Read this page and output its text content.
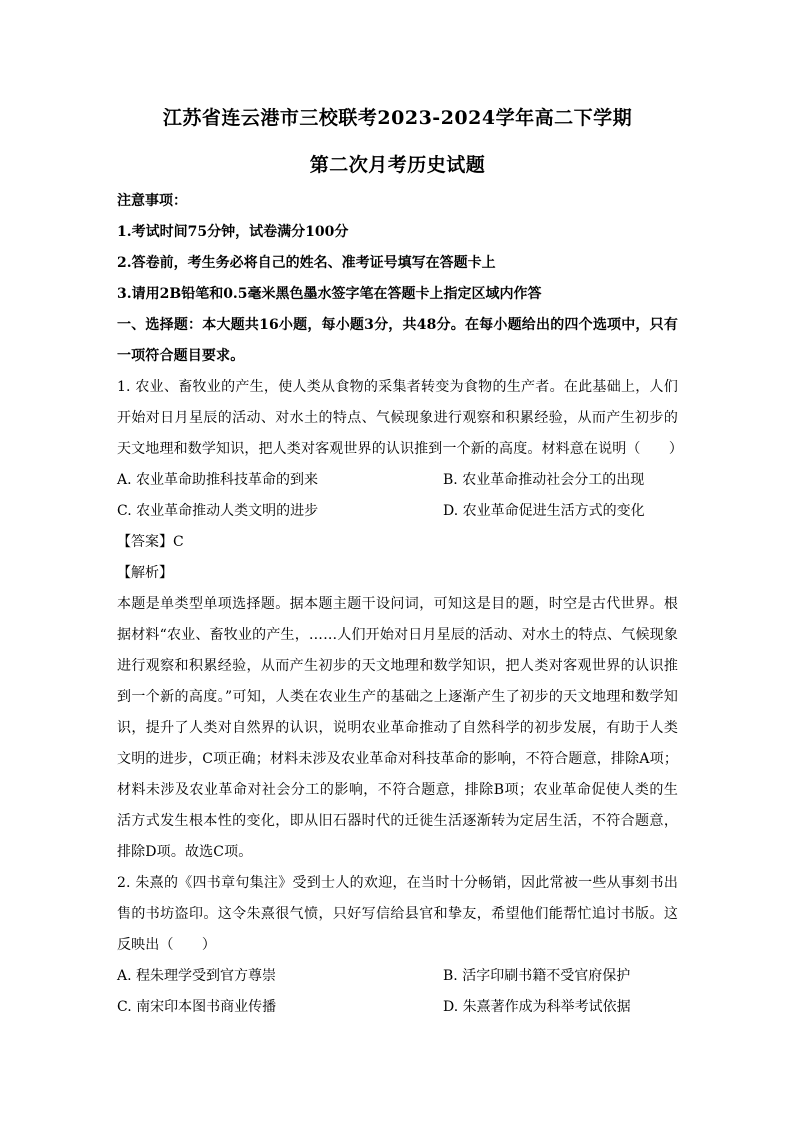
江苏省连云港市三校联考2023-2024学年高二下学期
第二次月考历史试题
注意事项：
1.考试时间75分钟，试卷满分100分
2.答卷前，考生务必将自己的姓名、准考证号填写在答题卡上
3.请用2B铅笔和0.5毫米黑色墨水签字笔在答题卡上指定区域内作答
一、选择题：本大题共16小题，每小题3分，共48分。在每小题给出的四个选项中，只有一项符合题目要求。
1. 农业、畜牧业的产生，使人类从食物的采集者转变为食物的生产者。在此基础上，人们开始对日月星辰的活动、对水土的特点、气候现象进行观察和积累经验，从而产生初步的天文地理和数学知识，把人类对客观世界的认识推到一个新的高度。材料意在说明（　　）
A. 农业革命助推科技革命的到来	B. 农业革命推动社会分工的出现
C. 农业革命推动人类文明的进步	D. 农业革命促进生活方式的变化
【答案】C
【解析】
本题是单类型单项选择题。据本题主题干设问词，可知这是目的题，时空是古代世界。根据材料“农业、畜牧业的产生，……人们开始对日月星辰的活动、对水土的特点、气候现象进行观察和积累经验，从而产生初步的天文地理和数学知识，把人类对客观世界的认识推到一个新的高度。”可知，人类在农业生产的基础之上逐渐产生了初步的天文地理和数学知识，提升了人类对自然界的认识，说明农业革命推动了自然科学的初步发展，有助于人类文明的进步，C项正确；材料未涉及农业革命对科技革命的影响，不符合题意，排除A项；材料未涉及农业革命对社会分工的影响，不符合题意，排除B项；农业革命促使人类的生活方式发生根本性的变化，即从旧石器时代的迁徙生活逐渐转为定居生活，不符合题意，排除D项。故选C项。
2. 朱熹的《四书章句集注》受到士人的欢迎，在当时十分畅销，因此常被一些从事刻书出售的书坊盗印。这令朱熹很气愤，只好写信给县官和挚友，希望他们能帮忙追讨书版。这反映出（　　）
A. 程朱理学受到官方尊崇	B. 活字印刷书籍不受官府保护
C. 南宋印本图书商业传播	D. 朱熹著作成为科举考试依据
